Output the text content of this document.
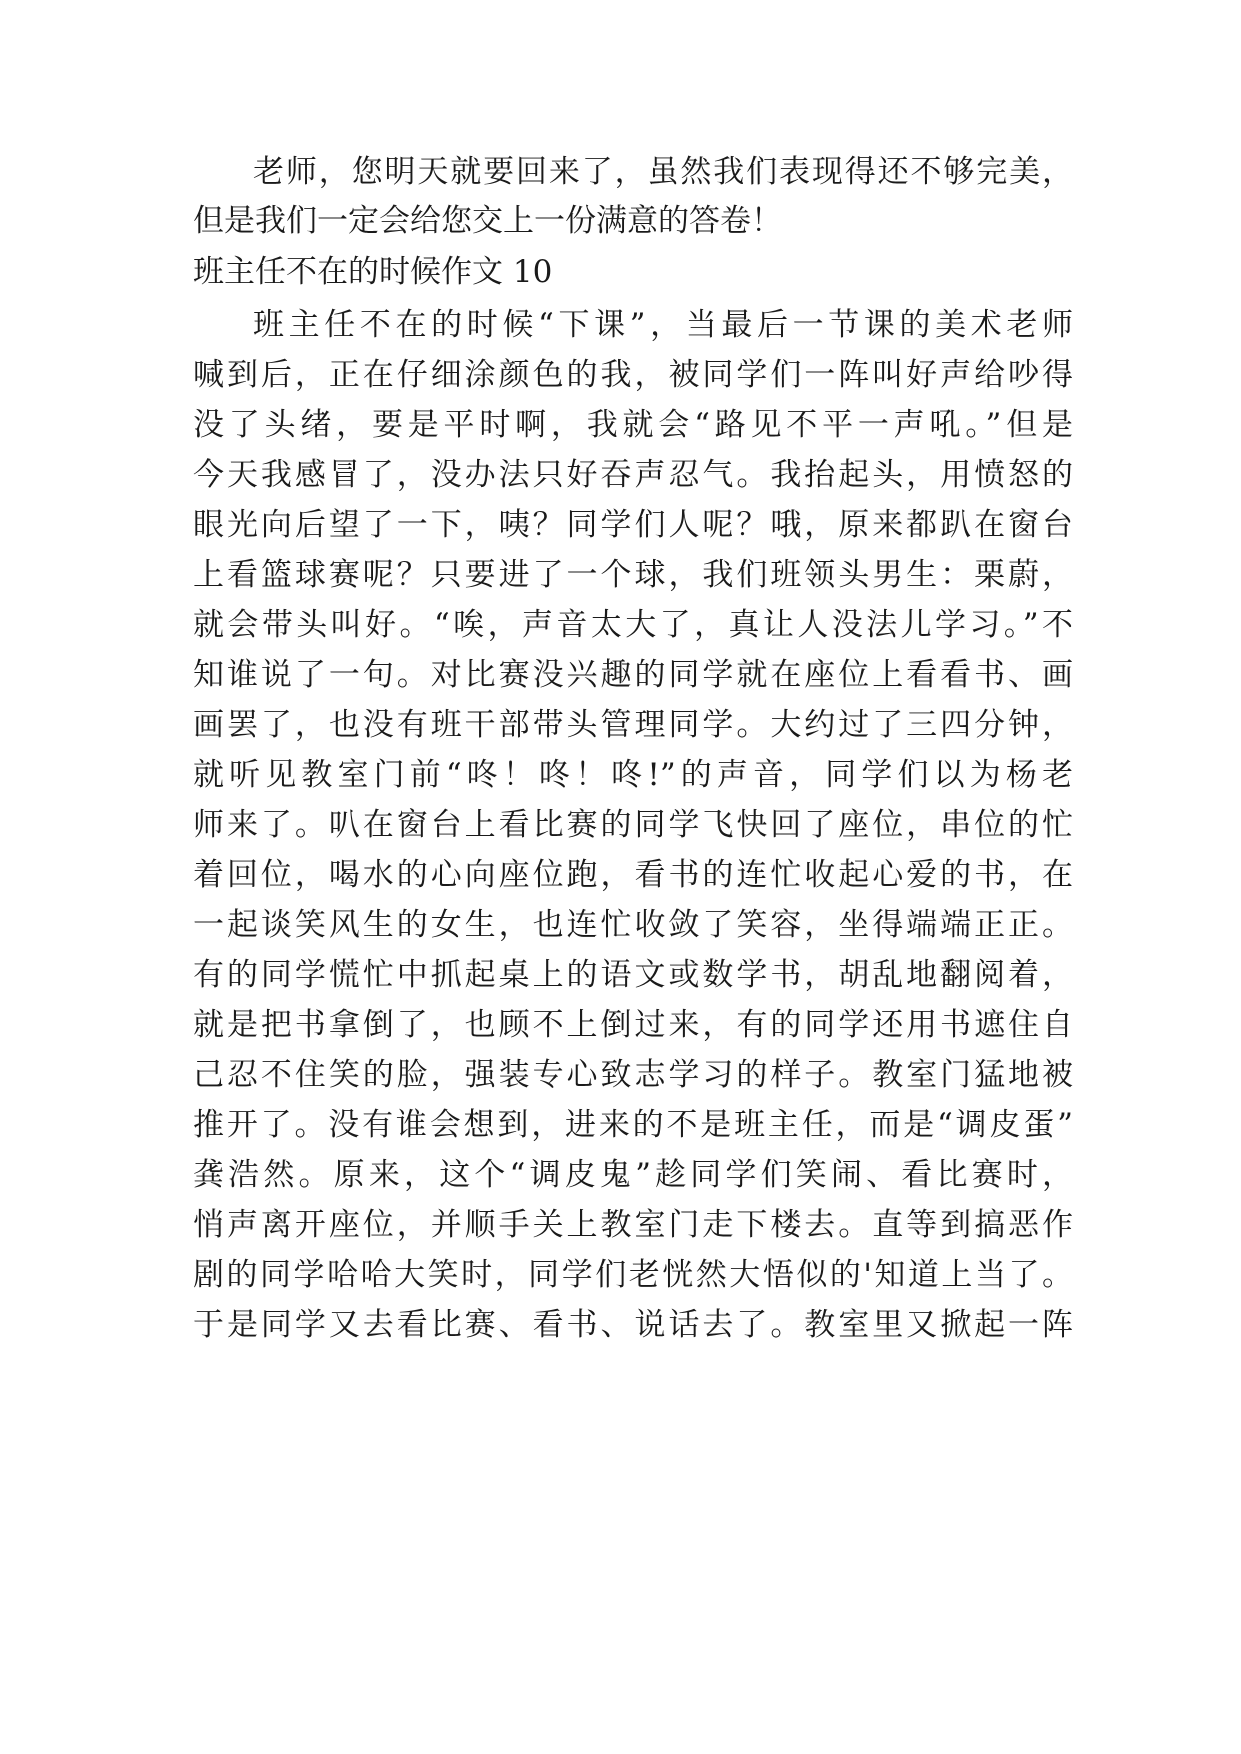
老师，您明天就要回来了，虽然我们表现得还不够完美，
但是我们一定会给您交上一份满意的答卷！
班主任不在的时候作文 10
班主任不在的时候“下课”，当最后一节课的美术老师
喊到后，正在仔细涂颜色的我，被同学们一阵叫好声给吵得
没了头绪，要是平时啊，我就会“路见不平一声吼。”但是
今天我感冒了，没办法只好吞声忍气。我抬起头，用愤怒的
眼光向后望了一下，咦？同学们人呢？哦，原来都趴在窗台
上看篮球赛呢？只要进了一个球，我们班领头男生：栗蔚，
就会带头叫好。“唉，声音太大了，真让人没法儿学习。”不
知谁说了一句。对比赛没兴趣的同学就在座位上看看书、画
画罢了，也没有班干部带头管理同学。大约过了三四分钟，
就听见教室门前“咚！咚！咚!”的声音，同学们以为杨老
师来了。叭在窗台上看比赛的同学飞快回了座位，串位的忙
着回位，喝水的心向座位跑，看书的连忙收起心爱的书，在
一起谈笑风生的女生，也连忙收敛了笑容，坐得端端正正。
有的同学慌忙中抓起桌上的语文或数学书，胡乱地翻阅着，
就是把书拿倒了，也顾不上倒过来，有的同学还用书遮住自
己忍不住笑的脸，强装专心致志学习的样子。教室门猛地被
推开了。没有谁会想到，进来的不是班主任，而是“调皮蛋”
龚浩然。原来，这个“调皮鬼”趁同学们笑闹、看比赛时，
悄声离开座位，并顺手关上教室门走下楼去。直等到搞恶作
剧的同学哈哈大笑时，同学们老恍然大悟似的'知道上当了。
于是同学又去看比赛、看书、说话去了。教室里又掀起一阵
